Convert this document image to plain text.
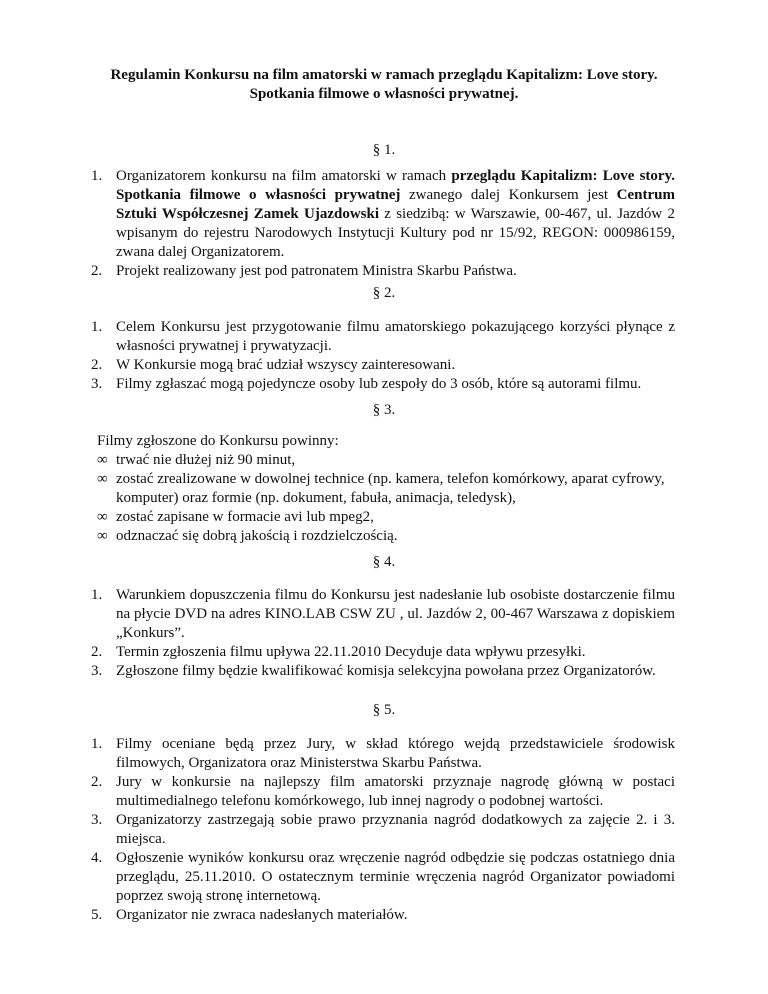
Regulamin Konkursu na film amatorski w ramach przeglądu Kapitalizm: Love story.
Spotkania filmowe o własności prywatnej.
§ 1.
1. Organizatorem konkursu na film amatorski w ramach przeglądu Kapitalizm: Love story. Spotkania filmowe o własności prywatnej zwanego dalej Konkursem jest Centrum Sztuki Współczesnej Zamek Ujazdowski z siedzibą: w Warszawie, 00-467, ul. Jazdów 2 wpisanym do rejestru Narodowych Instytucji Kultury pod nr 15/92, REGON: 000986159, zwana dalej Organizatorem.
2. Projekt realizowany jest pod patronatem Ministra Skarbu Państwa.
§ 2.
1. Celem Konkursu jest przygotowanie filmu amatorskiego pokazującego korzyści płynące z własności prywatnej i prywatyzacji.
2. W Konkursie mogą brać udział wszyscy zainteresowani.
3. Filmy zgłaszać mogą pojedyncze osoby lub zespoły do 3 osób, które są autorami filmu.
§ 3.
Filmy zgłoszone do Konkursu powinny:
∞ trwać nie dłużej niż 90 minut,
∞ zostać zrealizowane w dowolnej technice (np. kamera, telefon komórkowy, aparat cyfrowy, komputer) oraz formie (np. dokument, fabuła, animacja, teledysk),
∞ zostać zapisane w formacie avi lub mpeg2,
∞ odznaczać się dobrą jakością i rozdzielczością.
§ 4.
1. Warunkiem dopuszczenia filmu do Konkursu jest nadesłanie lub osobiste dostarczenie filmu na płycie DVD na adres KINO.LAB CSW ZU , ul. Jazdów 2, 00-467 Warszawa z dopiskiem „Konkurs”.
2. Termin zgłoszenia filmu upływa 22.11.2010 Decyduje data wpływu przesyłki.
3. Zgłoszone filmy będzie kwalifikować komisja selekcyjna powołana przez Organizatorów.
§ 5.
1. Filmy oceniane będą przez Jury, w skład którego wejdą przedstawiciele środowisk filmowych, Organizatora oraz Ministerstwa Skarbu Państwa.
2. Jury w konkursie na najlepszy film amatorski przyznaje nagrodę główną w postaci multimedialnego telefonu komórkowego, lub innej nagrody o podobnej wartości.
3. Organizatorzy zastrzegają sobie prawo przyznania nagród dodatkowych za zajęcie 2. i 3. miejsca.
4. Ogłoszenie wyników konkursu oraz wręczenie nagród odbędzie się podczas ostatniego dnia przeglądu, 25.11.2010. O ostatecznym terminie wręczenia nagród Organizator powiadomi poprzez swoją stronę internetową.
5. Organizator nie zwraca nadesłanych materiałów.
